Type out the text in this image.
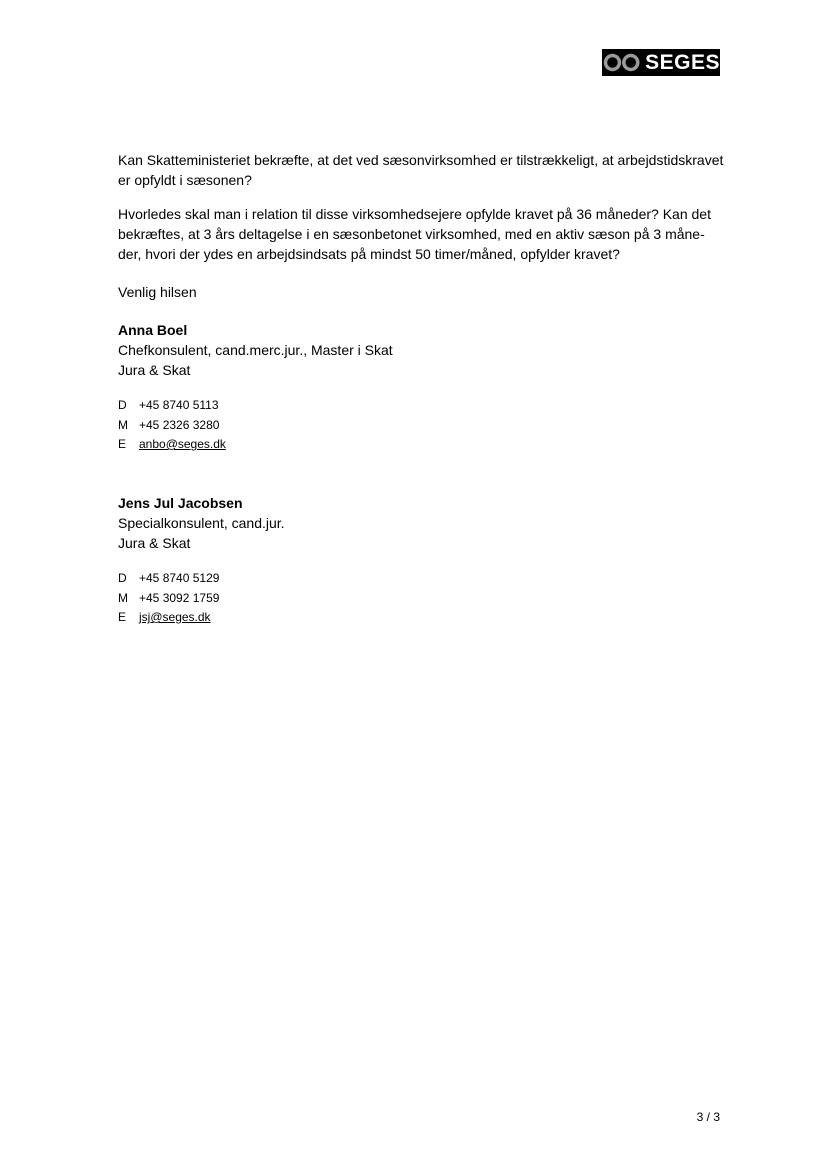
SEGES

Kan Skatteministeriet bekræfte, at det ved sæsonvirksomhed er tilstrækkeligt, at arbejdstidskravet
er opfyldt i sæsonen?

Hvorledes skal man i relation til disse virksomhedsejere opfylde kravet på 36 måneder? Kan det
bekræftes, at 3 års deltagelse i en sæsonbetonet virksomhed, med en aktiv sæson på 3 måne-
der, hvori der ydes en arbejdsindsats på mindst 50 timer/måned, opfylder kravet?

Venlig hilsen

Anna Boel
Chefkonsulent, cand.merc.jur., Master i Skat
Jura & Skat
D	+45 8740 5113
M +45 2326 3280
E	anbo@seges.dk
Jens Jul Jacobsen
Specialkonsulent, cand.jur.
Jura & Skat
D	+45 8740 5129
M +45 3092 1759
E	jsj@seges.dk
3 / 3
